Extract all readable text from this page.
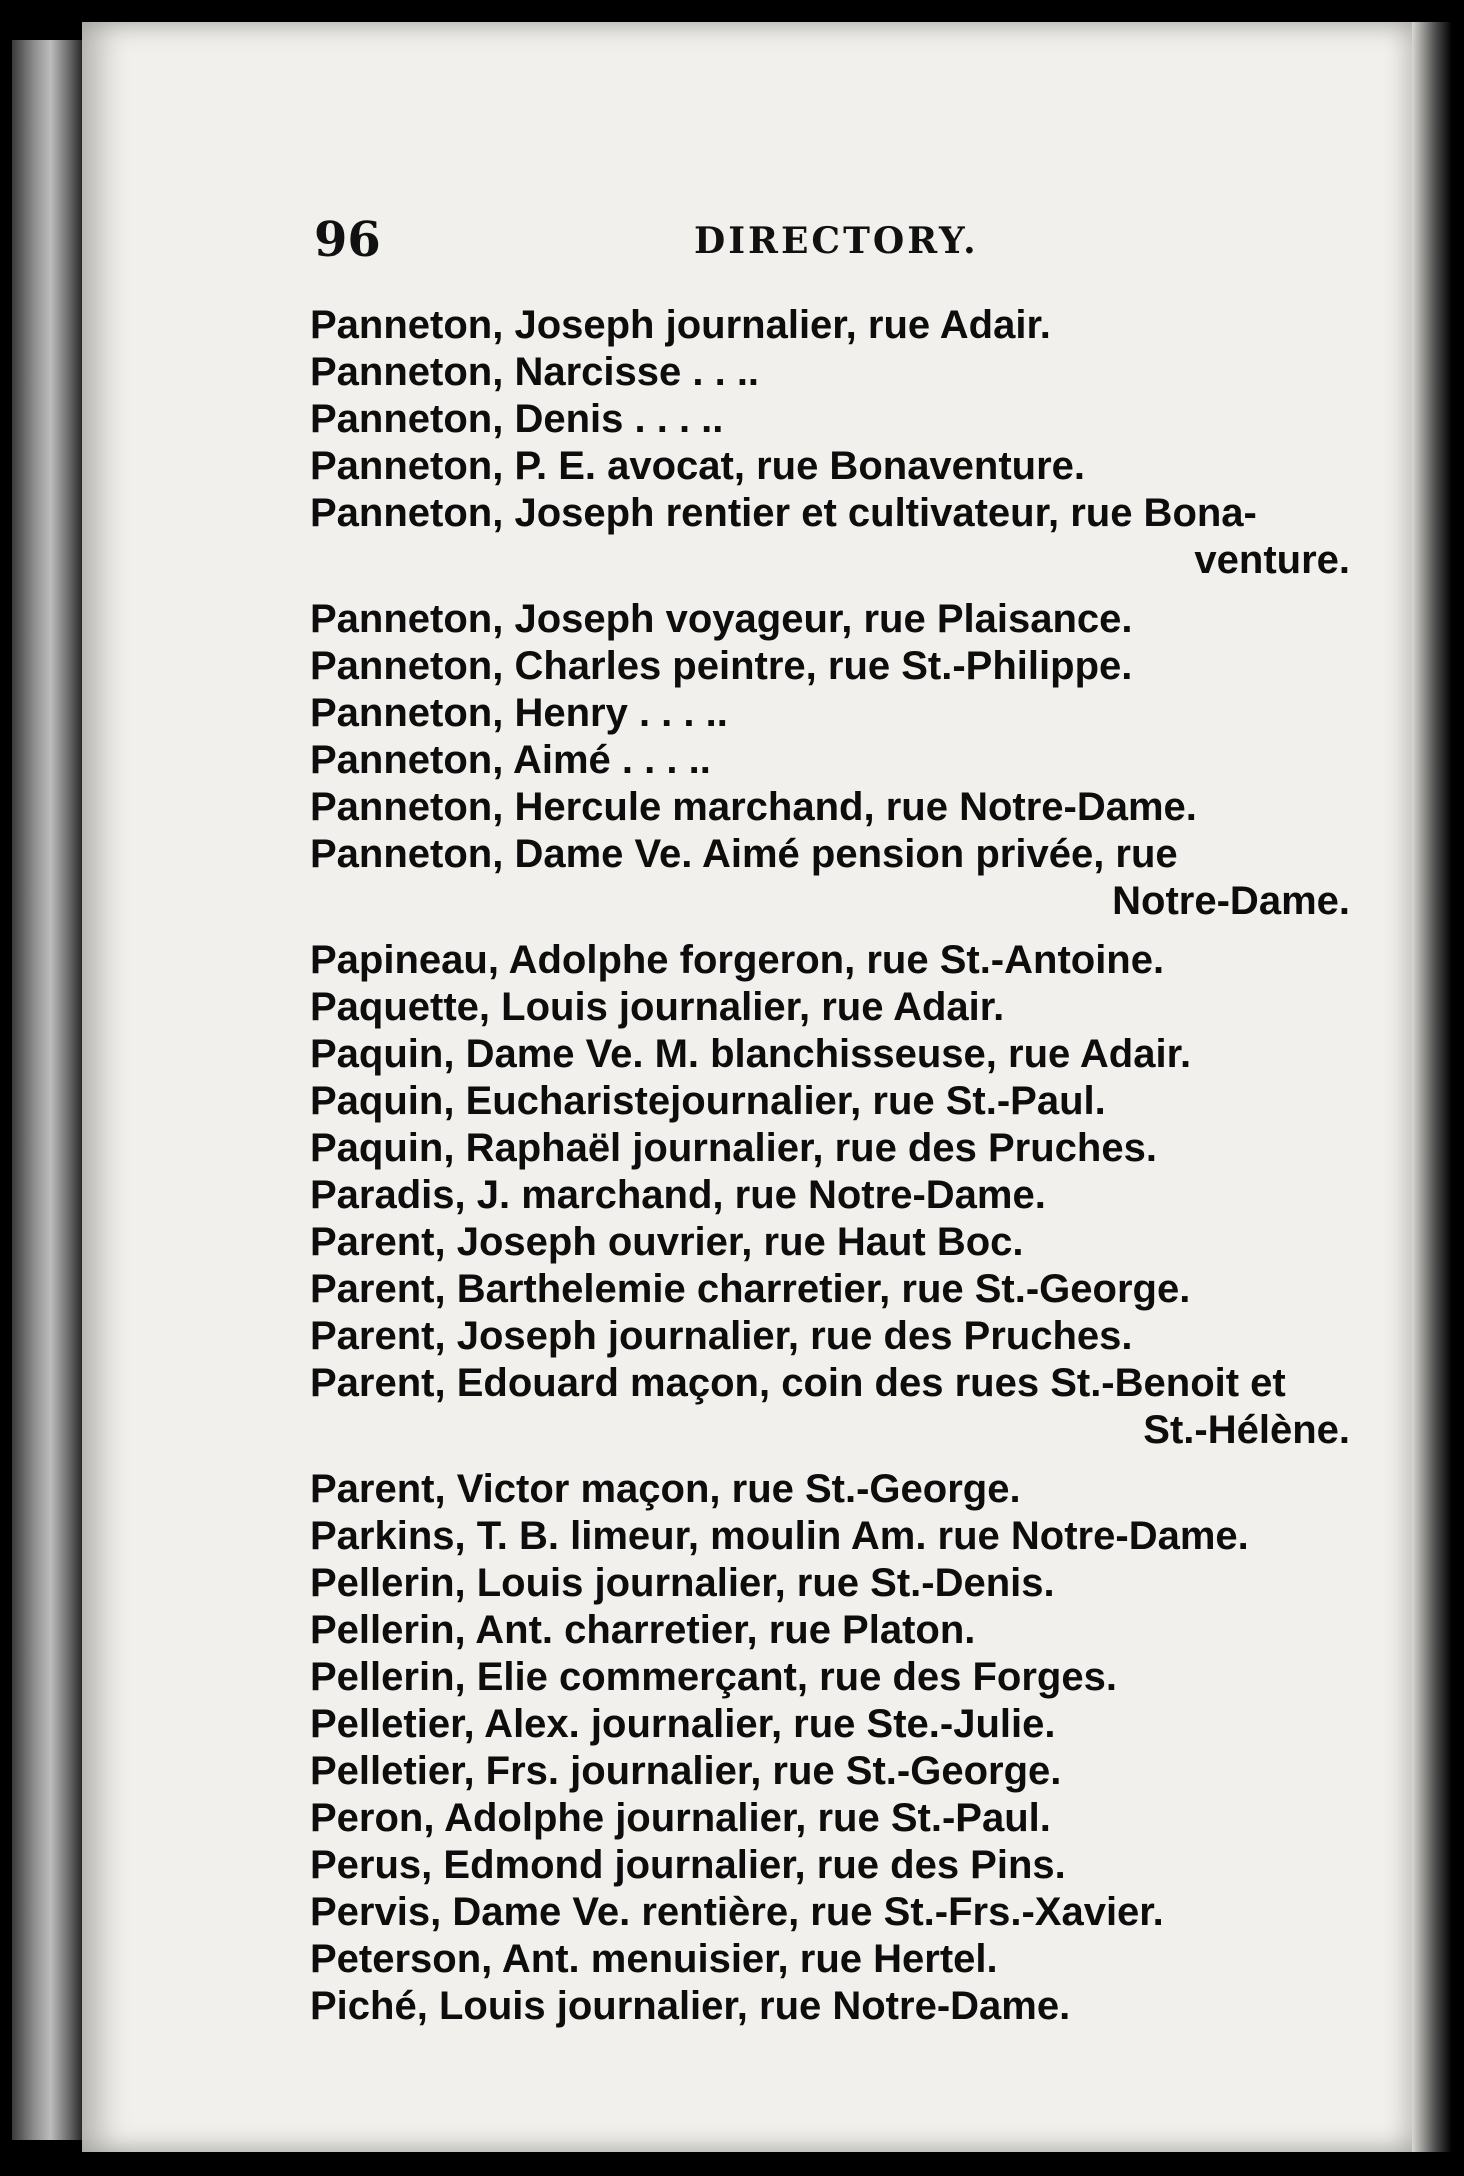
96	DIRECTORY.
Panneton, Joseph journalier, rue Adair.
Panneton, Narcisse . . ..
Panneton, Denis . . . ..
Panneton, P. E. avocat, rue Bonaventure.
Panneton, Joseph rentier et cultivateur, rue Bona-
venture.
Panneton, Joseph voyageur, rue Plaisance.
Panneton, Charles peintre, rue St.-Philippe.
Panneton, Henry . . . ..
Panneton, Aimé . . . ..
Panneton, Hercule marchand, rue Notre-Dame.
Panneton, Dame Ve. Aimé pension privée, rue
Notre-Dame.
Papineau, Adolphe forgeron, rue St.-Antoine.
Paquette, Louis journalier, rue Adair.
Paquin, Dame Ve. M. blanchisseuse, rue Adair.
Paquin, Eucharistejournalier, rue St.-Paul.
Paquin, Raphaël journalier, rue des Pruches.
Paradis, J. marchand, rue Notre-Dame.
Parent, Joseph ouvrier, rue Haut Boc.
Parent, Barthelemie charretier, rue St.-George.
Parent, Joseph journalier, rue des Pruches.
Parent, Edouard maçon, coin des rues St.-Benoit et
St.-Hélène.
Parent, Victor maçon, rue St.-George.
Parkins, T. B. limeur, moulin Am. rue Notre-Dame.
Pellerin, Louis journalier, rue St.-Denis.
Pellerin, Ant. charretier, rue Platon.
Pellerin, Elie commerçant, rue des Forges.
Pelletier, Alex. journalier, rue Ste.-Julie.
Pelletier, Frs. journalier, rue St.-George.
Peron, Adolphe journalier, rue St.-Paul.
Perus, Edmond journalier, rue des Pins.
Pervis, Dame Ve. rentière, rue St.-Frs.-Xavier.
Peterson, Ant. menuisier, rue Hertel.
Piché, Louis journalier, rue Notre-Dame.
